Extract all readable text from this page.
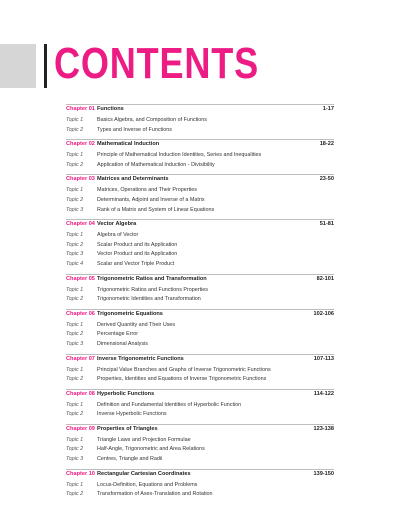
CONTENTS
Chapter 01 Functions	1-17
Topic 1	Basics Algebra, and Composition of Functions
Topic 2	Types and Inverse of Functions
Chapter 02 Mathematical Induction	18-22
Topic 1	Principle of Mathematical Induction Identities, Series and Inequalities
Topic 2	Application of Mathematical Induction - Divisibility
Chapter 03 Matrices and Determinants	23-50
Topic 1	Matrices, Operations and Their Properties
Topic 2	Determinants, Adjoint and Inverse of a Matrix
Topic 3	Rank of a Matrix and System of Linear Equations
Chapter 04 Vector Algebra	51-81
Topic 1	Algebra of Vector
Topic 2	Scalar Product and its Application
Topic 3	Vector Product and its Application
Topic 4	Scalar and Vector Triple Product
Chapter 05 Trigonometric Ratios and Transformation	82-101
Topic 1	Trigonometric Ratios and Functions Properties
Topic 2	Trigonometric Identities and Transformation
Chapter 06 Trigonometric Equations	102-106
Topic 1	Derived Quantity and Their Uses
Topic 2	Percentage Error
Topic 3	Dimensional Analysis
Chapter 07 Inverse Trigonometric Functions	107-113
Topic 1	Principal Value Branches and Graphs of Inverse Trigonometric Functions
Topic 2	Properties, Identities and Equations of Inverse Trigonometric Functions
Chapter 08 Hyperbolic Functions	114-122
Topic 1	Definition and Fundamental Identities of Hyperbolic Function
Topic 2	Inverse Hyperbolic Functions
Chapter 09 Properties of Triangles	123-138
Topic 1	Triangle Laws and Projection Formulae
Topic 2	Half-Angle, Trigonometric and Area Relations
Topic 3	Centres, Triangle and Radii
Chapter 10 Rectangular Cartesian Coordinates	139-150
Topic 1	Locus-Definition, Equations and Problems
Topic 2	Transformation of Axes-Translation and Rotation
